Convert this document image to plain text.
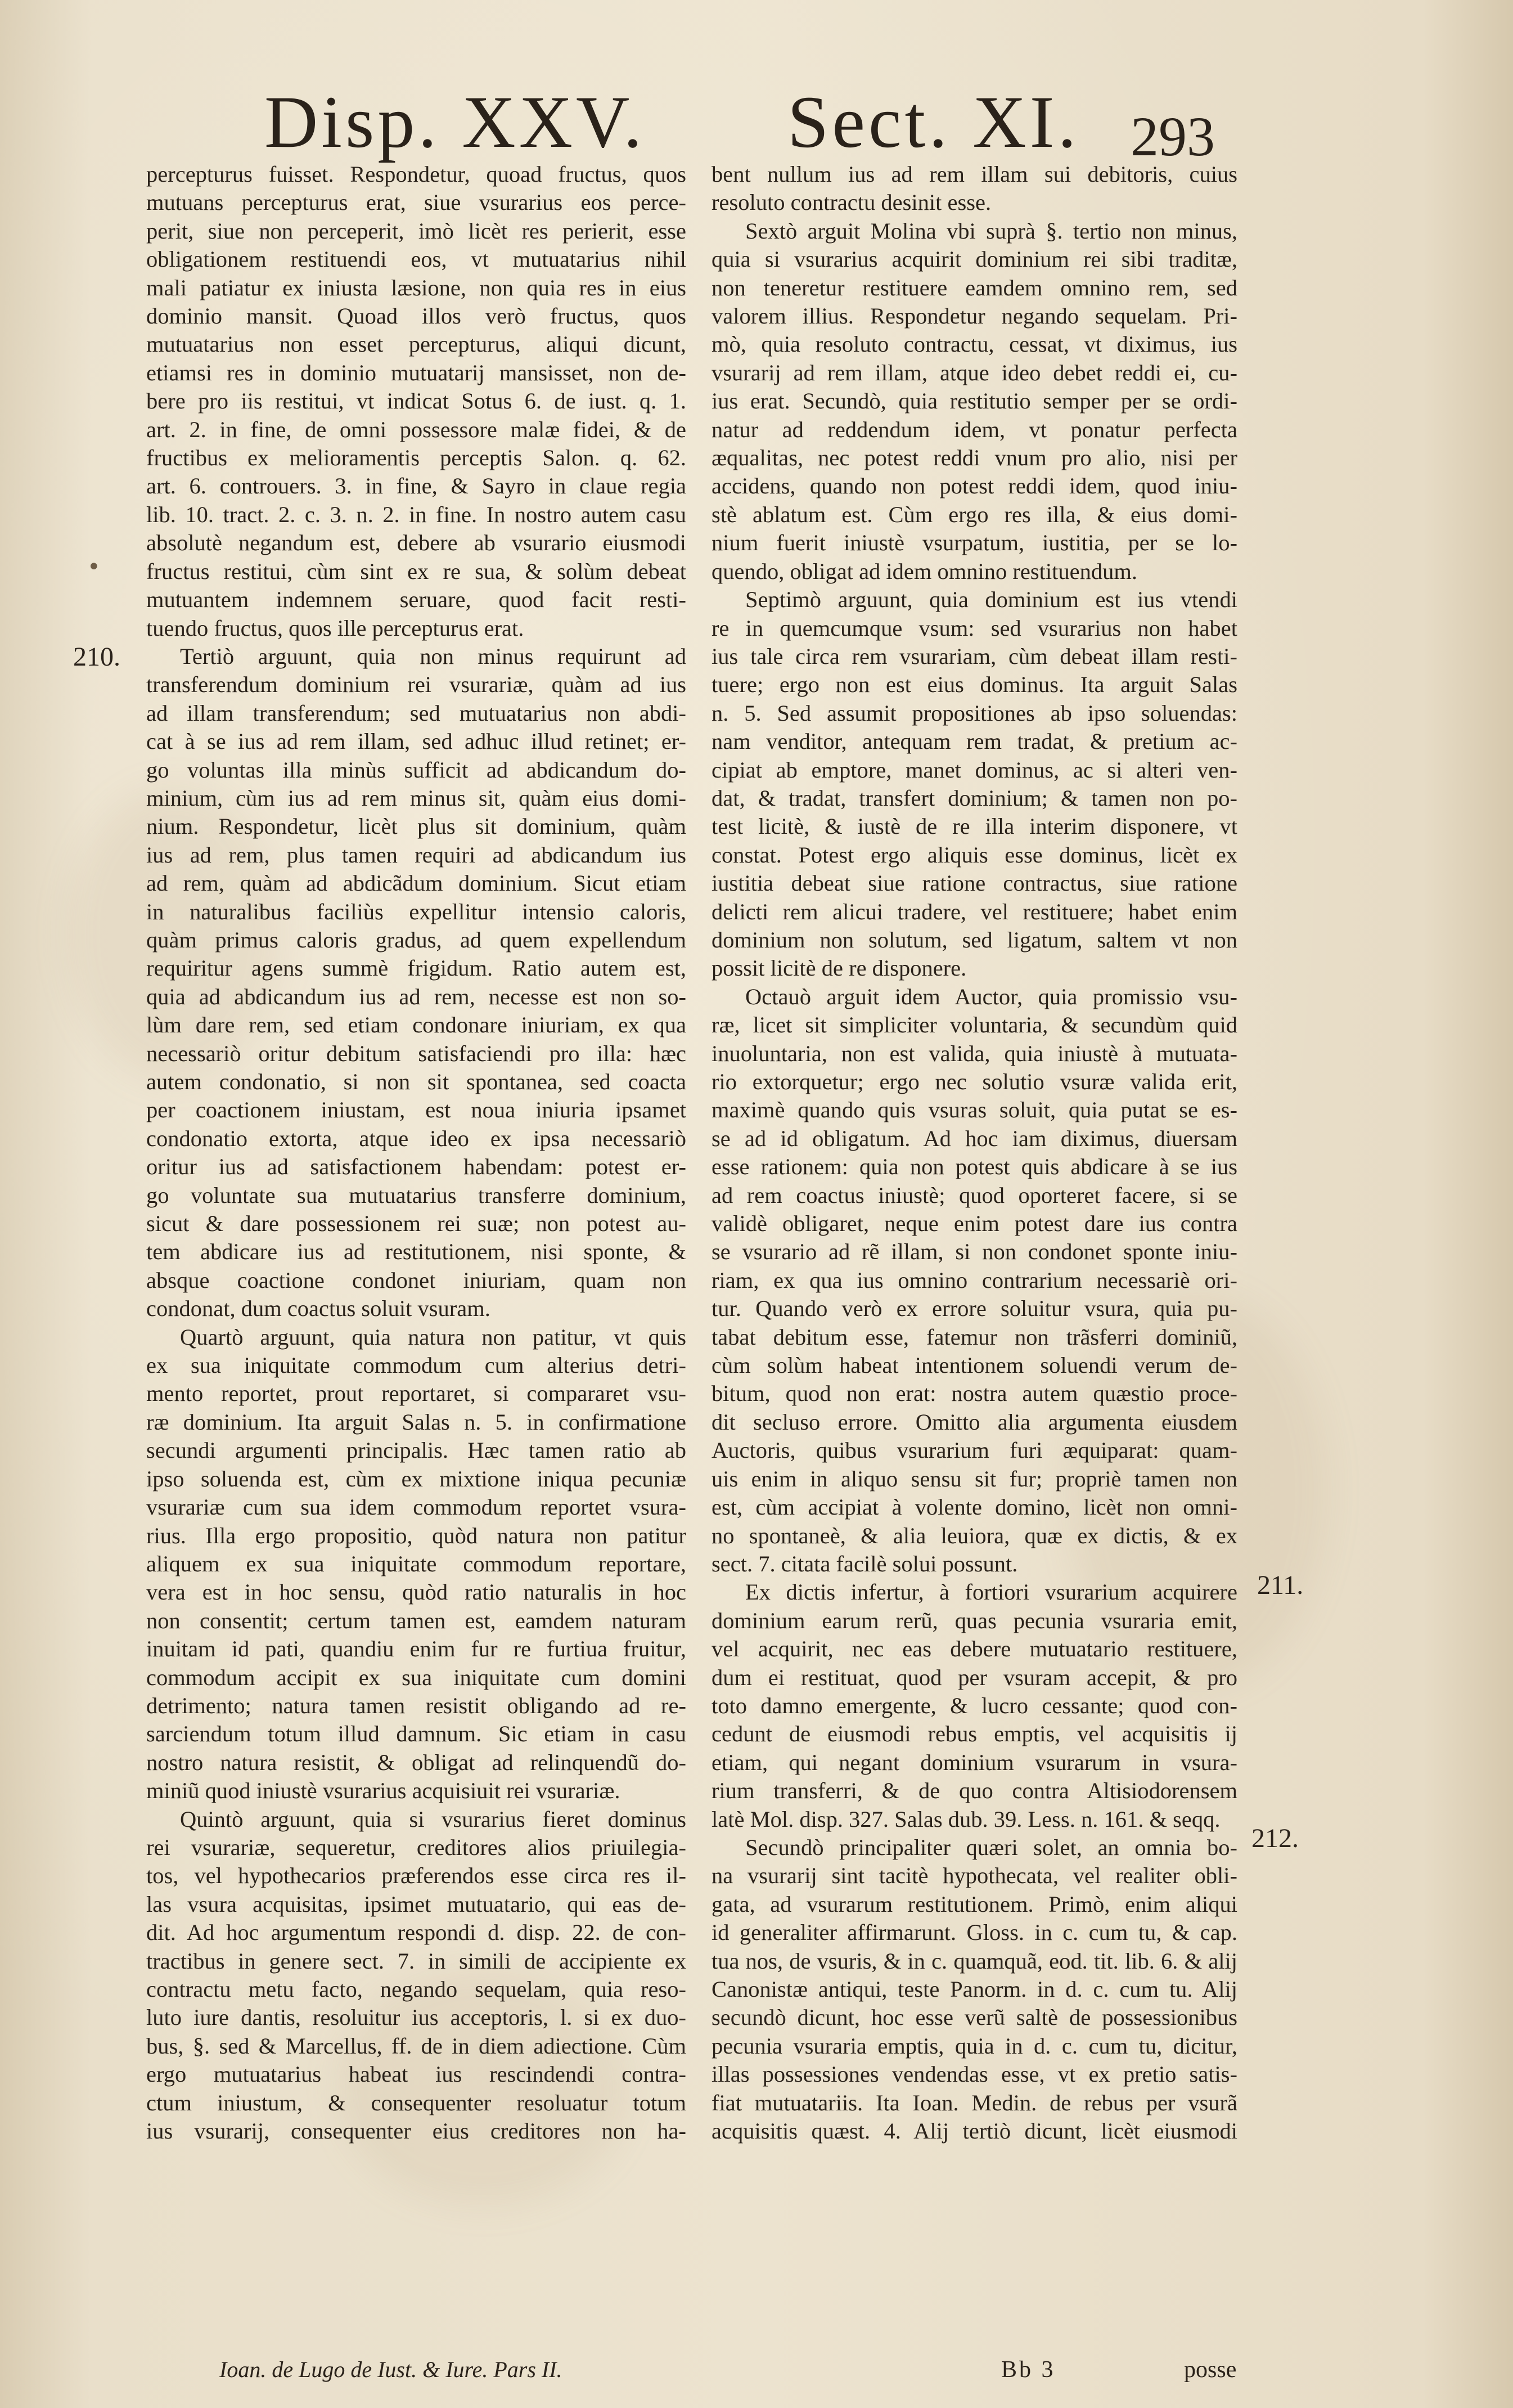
Disp. XXV. Sect. XI. 293
210.
•
211.
212.
percepturus fuisset. Respondetur, quoad fructus, quos
mutuans percepturus erat, siue vsurarius eos perce-
perit, siue non perceperit, imò licèt res perierit, esse
obligationem restituendi eos, vt mutuatarius nihil
mali patiatur ex iniusta læsione, non quia res in eius
dominio mansit. Quoad illos verò fructus, quos
mutuatarius non esset percepturus, aliqui dicunt,
etiamsi res in dominio mutuatarij mansisset, non de-
bere pro iis restitui, vt indicat Sotus 6. de iust. q. 1.
art. 2. in fine, de omni possessore malæ fidei, & de
fructibus ex melioramentis perceptis Salon. q. 62.
art. 6. controuers. 3. in fine, & Sayro in claue regia
lib. 10. tract. 2. c. 3. n. 2. in fine. In nostro autem casu
absolutè negandum est, debere ab vsurario eiusmodi
fructus restitui, cùm sint ex re sua, & solùm debeat
mutuantem indemnem seruare, quod facit resti-
tuendo fructus, quos ille percepturus erat.
Tertiò arguunt, quia non minus requirunt ad
transferendum dominium rei vsurariæ, quàm ad ius
ad illam transferendum; sed mutuatarius non abdi-
cat à se ius ad rem illam, sed adhuc illud retinet; er-
go voluntas illa minùs sufficit ad abdicandum do-
minium, cùm ius ad rem minus sit, quàm eius domi-
nium. Respondetur, licèt plus sit dominium, quàm
ius ad rem, plus tamen requiri ad abdicandum ius
ad rem, quàm ad abdicãdum dominium. Sicut etiam
in naturalibus faciliùs expellitur intensio caloris,
quàm primus caloris gradus, ad quem expellendum
requiritur agens summè frigidum. Ratio autem est,
quia ad abdicandum ius ad rem, necesse est non so-
lùm dare rem, sed etiam condonare iniuriam, ex qua
necessariò oritur debitum satisfaciendi pro illa: hæc
autem condonatio, si non sit spontanea, sed coacta
per coactionem iniustam, est noua iniuria ipsamet
condonatio extorta, atque ideo ex ipsa necessariò
oritur ius ad satisfactionem habendam: potest er-
go voluntate sua mutuatarius transferre dominium,
sicut & dare possessionem rei suæ; non potest au-
tem abdicare ius ad restitutionem, nisi sponte, &
absque coactione condonet iniuriam, quam non
condonat, dum coactus soluit vsuram.
Quartò arguunt, quia natura non patitur, vt quis
ex sua iniquitate commodum cum alterius detri-
mento reportet, prout reportaret, si compararet vsu-
ræ dominium. Ita arguit Salas n. 5. in confirmatione
secundi argumenti principalis. Hæc tamen ratio ab
ipso soluenda est, cùm ex mixtione iniqua pecuniæ
vsurariæ cum sua idem commodum reportet vsura-
rius. Illa ergo propositio, quòd natura non patitur
aliquem ex sua iniquitate commodum reportare,
vera est in hoc sensu, quòd ratio naturalis in hoc
non consentit; certum tamen est, eamdem naturam
inuitam id pati, quandiu enim fur re furtiua fruitur,
commodum accipit ex sua iniquitate cum domini
detrimento; natura tamen resistit obligando ad re-
sarciendum totum illud damnum. Sic etiam in casu
nostro natura resistit, & obligat ad relinquendũ do-
miniũ quod iniustè vsurarius acquisiuit rei vsurariæ.
Quintò arguunt, quia si vsurarius fieret dominus
rei vsurariæ, sequeretur, creditores alios priuilegia-
tos, vel hypothecarios præferendos esse circa res il-
las vsura acquisitas, ipsimet mutuatario, qui eas de-
dit. Ad hoc argumentum respondi d. disp. 22. de con-
tractibus in genere sect. 7. in simili de accipiente ex
contractu metu facto, negando sequelam, quia reso-
luto iure dantis, resoluitur ius acceptoris, l. si ex duo-
bus, §. sed & Marcellus, ff. de in diem adiectione. Cùm
ergo mutuatarius habeat ius rescindendi contra-
ctum iniustum, & consequenter resoluatur totum
ius vsurarij, consequenter eius creditores non ha-
bent nullum ius ad rem illam sui debitoris, cuius
resoluto contractu desinit esse.
Sextò arguit Molina vbi suprà §. tertio non minus,
quia si vsurarius acquirit dominium rei sibi traditæ,
non teneretur restituere eamdem omnino rem, sed
valorem illius. Respondetur negando sequelam. Pri-
mò, quia resoluto contractu, cessat, vt diximus, ius
vsurarij ad rem illam, atque ideo debet reddi ei, cu-
ius erat. Secundò, quia restitutio semper per se ordi-
natur ad reddendum idem, vt ponatur perfecta
æqualitas, nec potest reddi vnum pro alio, nisi per
accidens, quando non potest reddi idem, quod iniu-
stè ablatum est. Cùm ergo res illa, & eius domi-
nium fuerit iniustè vsurpatum, iustitia, per se lo-
quendo, obligat ad idem omnino restituendum.
Septimò arguunt, quia dominium est ius vtendi
re in quemcumque vsum: sed vsurarius non habet
ius tale circa rem vsurariam, cùm debeat illam resti-
tuere; ergo non est eius dominus. Ita arguit Salas
n. 5. Sed assumit propositiones ab ipso soluendas:
nam venditor, antequam rem tradat, & pretium ac-
cipiat ab emptore, manet dominus, ac si alteri ven-
dat, & tradat, transfert dominium; & tamen non po-
test licitè, & iustè de re illa interim disponere, vt
constat. Potest ergo aliquis esse dominus, licèt ex
iustitia debeat siue ratione contractus, siue ratione
delicti rem alicui tradere, vel restituere; habet enim
dominium non solutum, sed ligatum, saltem vt non
possit licitè de re disponere.
Octauò arguit idem Auctor, quia promissio vsu-
ræ, licet sit simpliciter voluntaria, & secundùm quid
inuoluntaria, non est valida, quia iniustè à mutuata-
rio extorquetur; ergo nec solutio vsuræ valida erit,
maximè quando quis vsuras soluit, quia putat se es-
se ad id obligatum. Ad hoc iam diximus, diuersam
esse rationem: quia non potest quis abdicare à se ius
ad rem coactus iniustè; quod oporteret facere, si se
validè obligaret, neque enim potest dare ius contra
se vsurario ad rẽ illam, si non condonet sponte iniu-
riam, ex qua ius omnino contrarium necessariè ori-
tur. Quando verò ex errore soluitur vsura, quia pu-
tabat debitum esse, fatemur non trãsferri dominiũ,
cùm solùm habeat intentionem soluendi verum de-
bitum, quod non erat: nostra autem quæstio proce-
dit secluso errore. Omitto alia argumenta eiusdem
Auctoris, quibus vsurarium furi æquiparat: quam-
uis enim in aliquo sensu sit fur; propriè tamen non
est, cùm accipiat à volente domino, licèt non omni-
no spontaneè, & alia leuiora, quæ ex dictis, & ex
sect. 7. citata facilè solui possunt.
Ex dictis infertur, à fortiori vsurarium acquirere
dominium earum rerũ, quas pecunia vsuraria emit,
vel acquirit, nec eas debere mutuatario restituere,
dum ei restituat, quod per vsuram accepit, & pro
toto damno emergente, & lucro cessante; quod con-
cedunt de eiusmodi rebus emptis, vel acquisitis ij
etiam, qui negant dominium vsurarum in vsura-
rium transferri, & de quo contra Altisiodorensem
latè Mol. disp. 327. Salas dub. 39. Less. n. 161. & seqq.
Secundò principaliter quæri solet, an omnia bo-
na vsurarij sint tacitè hypothecata, vel realiter obli-
gata, ad vsurarum restitutionem. Primò, enim aliqui
id generaliter affirmarunt. Gloss. in c. cum tu, & cap.
tua nos, de vsuris, & in c. quamquã, eod. tit. lib. 6. & alij
Canonistæ antiqui, teste Panorm. in d. c. cum tu. Alij
secundò dicunt, hoc esse verũ saltè de possessionibus
pecunia vsuraria emptis, quia in d. c. cum tu, dicitur,
illas possessiones vendendas esse, vt ex pretio satis-
fiat mutuatariis. Ita Ioan. Medin. de rebus per vsurã
acquisitis quæst. 4. Alij tertiò dicunt, licèt eiusmodi
Ioan. de Lugo de Iust. & Iure. Pars II.	Bb 3	posse
